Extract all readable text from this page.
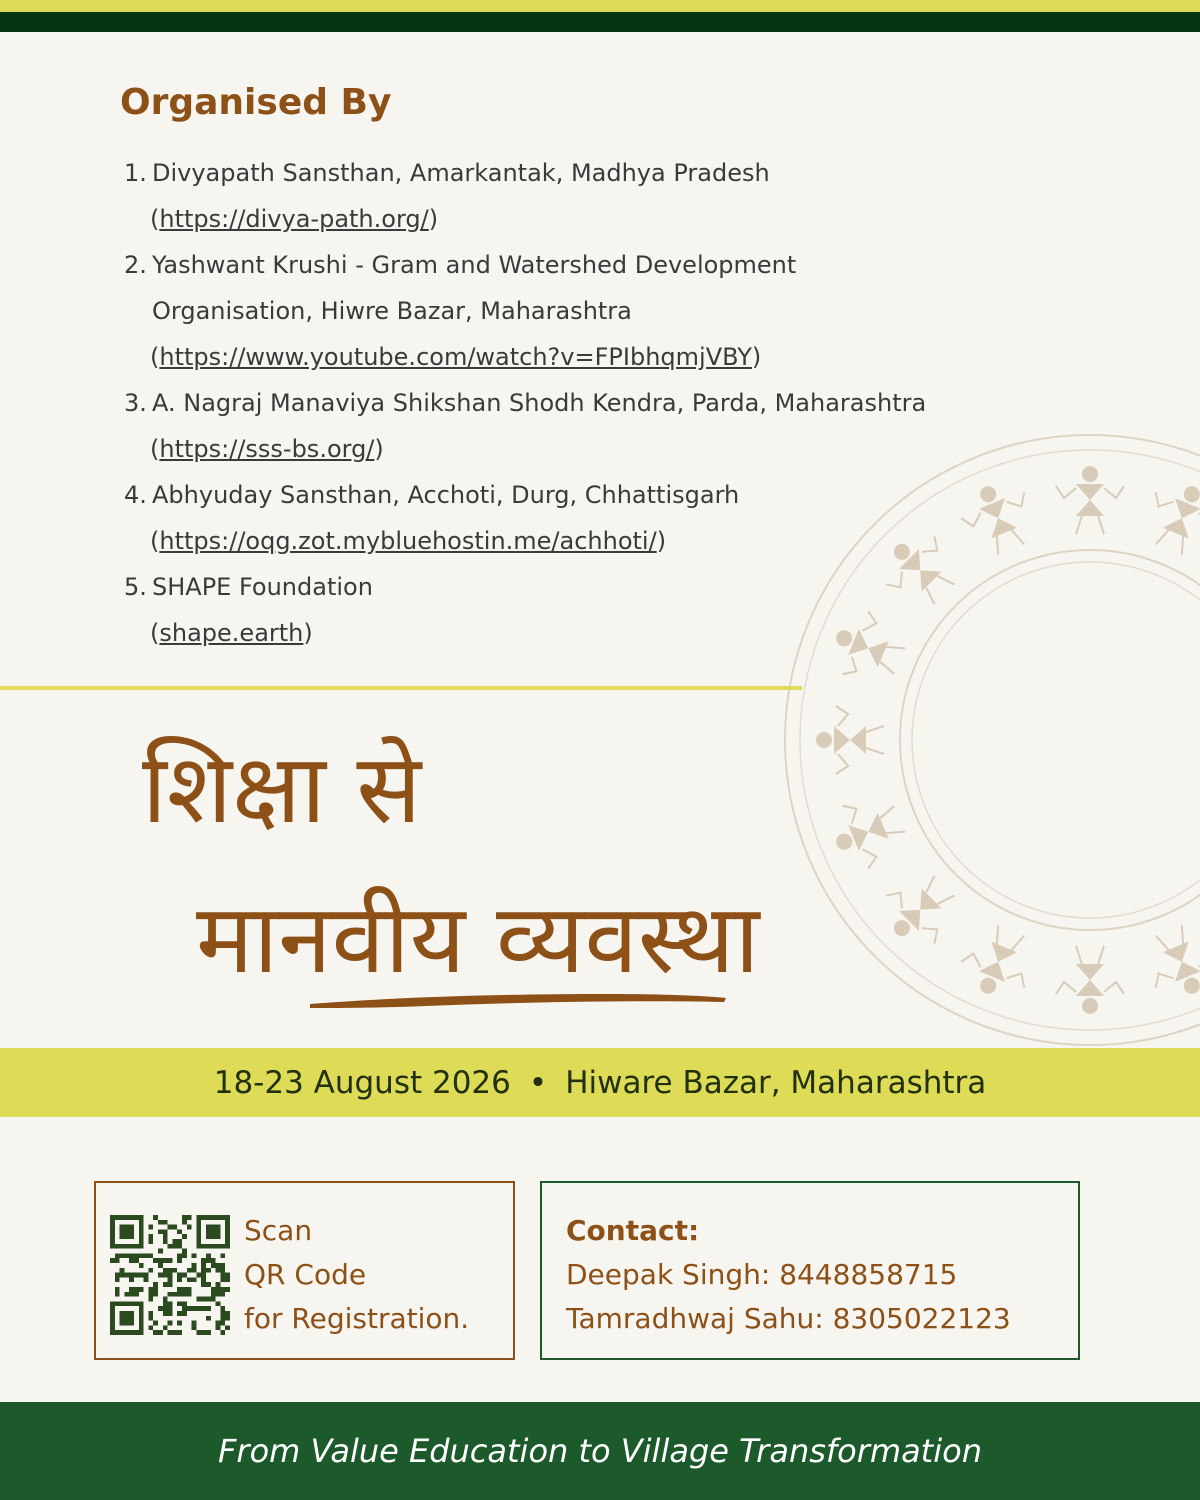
Organised By
1. Divyapath Sansthan, Amarkantak, Madhya Pradesh
(https://divya-path.org/)
2. Yashwant Krushi - Gram and Watershed Development
Organisation, Hiwre Bazar, Maharashtra
(https://www.youtube.com/watch?v=FPIbhqmjVBY)
3. A. Nagraj Manaviya Shikshan Shodh Kendra, Parda, Maharashtra
(https://sss-bs.org/)
4. Abhyuday Sansthan, Acchoti, Durg, Chhattisgarh
(https://oqg.zot.mybluehostin.me/achhoti/)
5. SHAPE Foundation
(shape.earth)
शिक्षा से
मानवीय व्यवस्था
18-23 August 2026 • Hiware Bazar, Maharashtra
Scan
QR Code
for Registration.
Contact:
Deepak Singh: 8448858715
Tamradhwaj Sahu: 8305022123

From Value Education to Village Transformation
